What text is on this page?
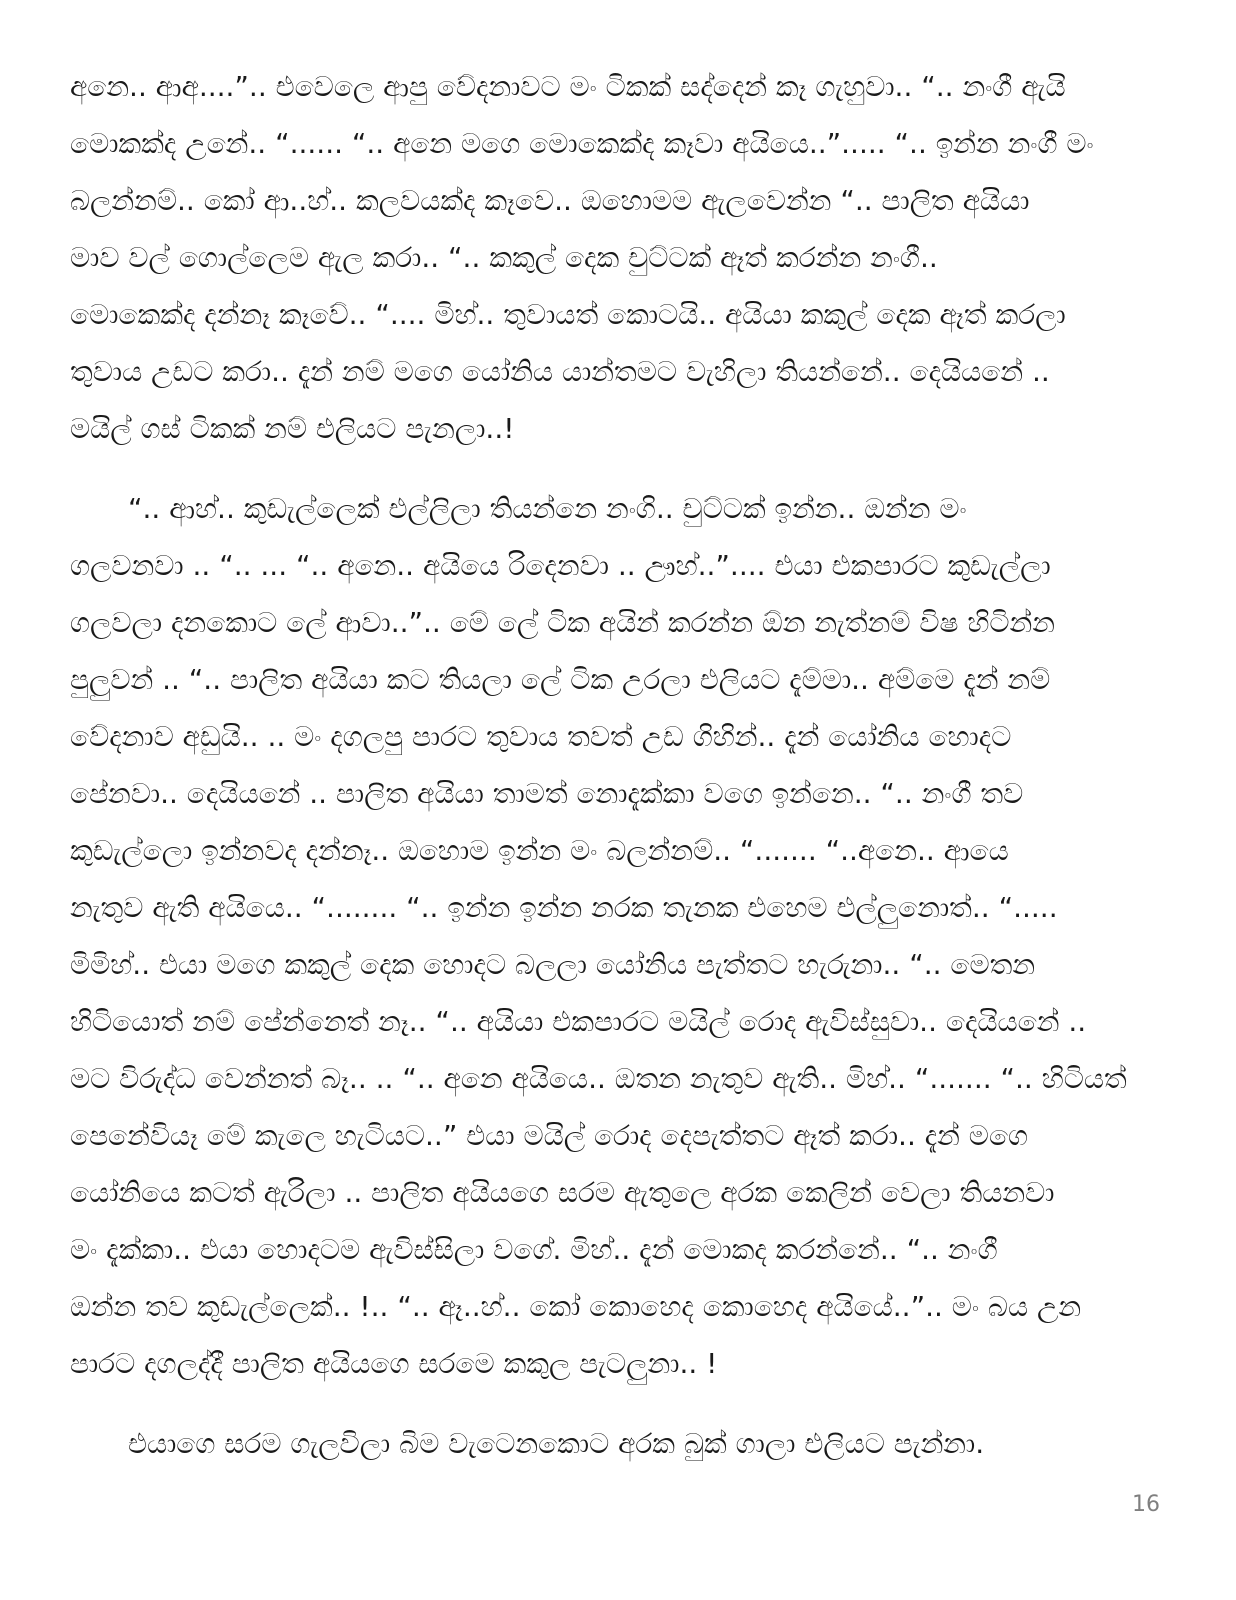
අනෙ.. ආඅ....”.. එවෙලෙ ආපු වේදනාවට මං ටිකක් සද්දෙන් කෑ ගැහුවා.. “.. නංගී ඇයි
මොකක්ද උනේ.. “...... “.. අනෙ මගෙ මොකෙක්ද කෑවා අයියෙ..”..... “.. ඉන්න නංගී මං
බලන්නම්.. කෝ ආ..හ්.. කලවයක්ද කෑවෙ.. ඔහොමම ඇලවෙන්න “.. පාලිත අයියා
මාව වල් ගොල්ලෙම ඇල කරා.. “.. කකුල් දෙක චුට්ටක් ඈත් කරන්න නංගී..
මොකෙක්ද දන්නෑ කෑවේ.. “.... මිහ්.. තුවායත් කොටයි.. අයියා කකුල් දෙක ඈත් කරලා
තුවාය උඩට කරා.. දැන් නම් මගෙ යෝනිය යාන්තමට වැහිලා තියන්නේ.. දෙයියනේ ..
මයිල් ගස් ටිකක් නම් එලියට පැනලා..!
“.. ආහ්.. කුඩැල්ලෙක් එල්ලිලා තියන්නෙ නංගි.. චුට්ටක් ඉන්න.. ඔන්න මං
ගලවනවා .. “.. ... “.. අනෙ.. අයියෙ රිදෙනවා .. ඌහ්..”.... එයා එකපාරට කුඩැල්ලා
ගලවලා දනකොට ලේ ආවා..”.. මේ ලේ ටික අයින් කරන්න ඕන නැත්නම් විෂ හිටින්න
පුලුවන් .. “.. පාලිත අයියා කට තියලා ලේ ටික උරලා එලියට දැම්මා.. අම්මෙ දැන් නම්
වේදනාව අඩුයි.. .. මං දගලපු පාරට තුවාය තවත් උඩ ගිහින්.. දැන් යෝනිය හොදට
පේනවා.. දෙයියනේ .. පාලිත අයියා තාමත් නොදැක්කා වගෙ ඉන්නෙ.. “.. නංගී තව
කුඩැල්ලො ඉන්නවද දන්නෑ.. ඔහොම ඉන්න මං බලන්නම්.. “....... “..අනෙ.. ආයෙ
නැතුව ඇති අයියෙ.. “........ “.. ඉන්න ඉන්න නරක තැනක එහෙම එල්ලුනොත්.. “.....
මිමිහ්.. එයා මගෙ කකුල් දෙක හොදට බලලා යෝනිය පැත්තට හැරුනා.. “.. මෙතන
හිටියොත් නම් පේන්නෙත් නෑ.. “.. අයියා එකපාරට මයිල් රොද ඇවිස්සුවා.. දෙයියනේ ..
මට විරුද්ධ වෙන්නත් බෑ.. .. “.. අනෙ අයියෙ.. ඔතන නැතුව ඇති.. මිහ්.. “....... “.. හිටියත්
පෙනේවියෑ මේ කැලෙ හැටියට..” එයා මයිල් රොද දෙපැත්තට ඈත් කරා.. දැන් මගෙ
යෝනියෙ කටත් ඇරිලා .. පාලිත අයියගෙ සරම ඇතුලෙ අරක කෙලින් වෙලා තියනවා
මං දැක්කා.. එයා හොදටම ඇවිස්සිලා වගේ. මිහ්.. දැන් මොකද කරන්නේ.. “.. නංගී
ඔන්න තව කුඩැල්ලෙක්.. !.. “.. ඈ..හ්.. කෝ කොහෙද කොහෙද අයියේ..”.. මං බය උන
පාරට දගලද්දී පාලිත අයියගෙ සරමෙ කකුල පැටලුනා.. !
එයාගෙ සරම ගැලවිලා බිම වැටෙනකොට අරක බුක් ගාලා එලියට පැන්නා.
16
